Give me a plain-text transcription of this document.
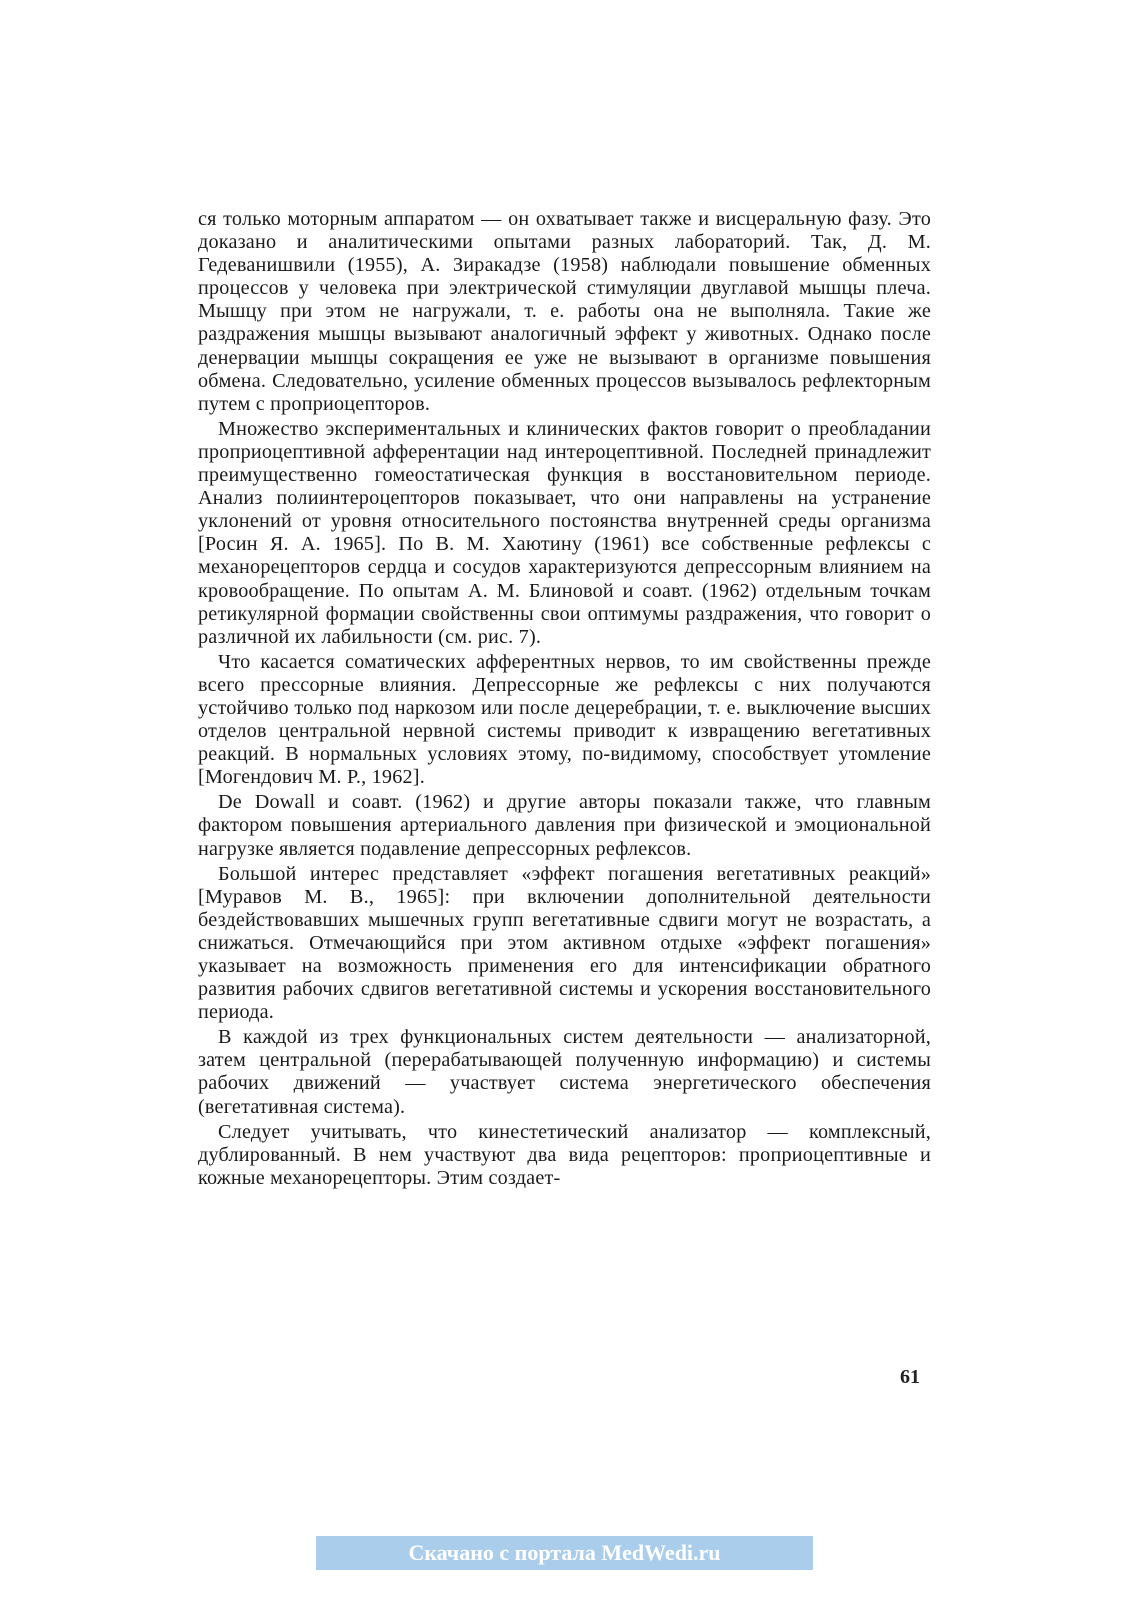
ся только моторным аппаратом — он охватывает также и висцеральную фазу. Это доказано и аналитическими опытами разных лабораторий. Так, Д. М. Гедеванишвили (1955), А. Зиракадзе (1958) наблюдали повышение обменных процессов у человека при электрической стимуляции двуглавой мышцы плеча. Мышцу при этом не нагружали, т. е. работы она не выполняла. Такие же раздражения мышцы вызывают аналогичный эффект у животных. Однако после денервации мышцы сокращения ее уже не вызывают в организме повышения обмена. Следовательно, усиление обменных процессов вызывалось рефлекторным путем с проприоцепторов.

Множество экспериментальных и клинических фактов говорит о преобладании проприоцептивной афферентации над интероцептивной. Последней принадлежит преимущественно гомеостатическая функция в восстановительном периоде. Анализ полиинтероцепторов показывает, что они направлены на устранение уклонений от уровня относительного постоянства внутренней среды организма [Росин Я. А. 1965]. По В. М. Хаютину (1961) все собственные рефлексы с механорецепторов сердца и сосудов характеризуются депрессорным влиянием на кровообращение. По опытам А. М. Блиновой и соавт. (1962) отдельным точкам ретикулярной формации свойственны свои оптимумы раздражения, что говорит о различной их лабильности (см. рис. 7).

Что касается соматических афферентных нервов, то им свойственны прежде всего прессорные влияния. Депрессорные же рефлексы с них получаются устойчиво только под наркозом или после децеребрации, т. е. выключение высших отделов центральной нервной системы приводит к извращению вегетативных реакций. В нормальных условиях этому, по-видимому, способствует утомление [Могендович М. Р., 1962].

De Dowall и соавт. (1962) и другие авторы показали также, что главным фактором повышения артериального давления при физической и эмоциональной нагрузке является подавление депрессорных рефлексов.

Большой интерес представляет «эффект погашения вегетативных реакций» [Муравов М. В., 1965]: при включении дополнительной деятельности бездействовавших мышечных групп вегетативные сдвиги могут не возрастать, а снижаться. Отмечающийся при этом активном отдыхе «эффект погашения» указывает на возможность применения его для интенсификации обратного развития рабочих сдвигов вегетативной системы и ускорения восстановительного периода.

В каждой из трех функциональных систем деятельности — анализаторной, затем центральной (перерабатывающей полученную информацию) и системы рабочих движений — участвует система энергетического обеспечения (вегетативная система).

Следует учитывать, что кинестетический анализатор — комплексный, дублированный. В нем участвуют два вида рецепторов: проприоцептивные и кожные механорецепторы. Этим создает-

61
Скачано с портала MedWedi.ru
